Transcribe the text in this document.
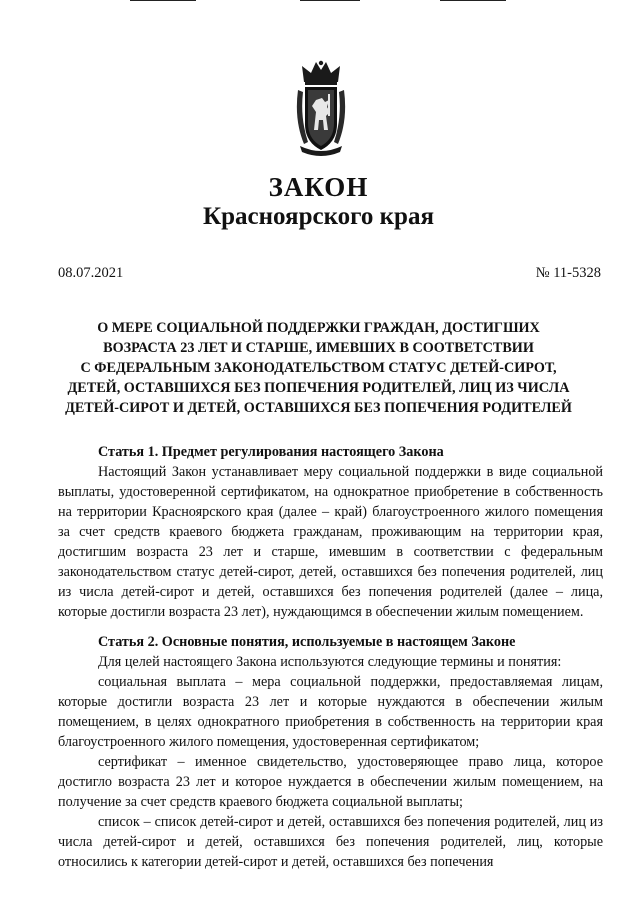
ЗАКОН
Красноярского края
08.07.2021	№ 11-5328
О МЕРЕ СОЦИАЛЬНОЙ ПОДДЕРЖКИ ГРАЖДАН, ДОСТИГШИХ
ВОЗРАСТА 23 ЛЕТ И СТАРШЕ, ИМЕВШИХ В СООТВЕТСТВИИ
С ФЕДЕРАЛЬНЫМ ЗАКОНОДАТЕЛЬСТВОМ СТАТУС ДЕТЕЙ-СИРОТ,
ДЕТЕЙ, ОСТАВШИХСЯ БЕЗ ПОПЕЧЕНИЯ РОДИТЕЛЕЙ, ЛИЦ ИЗ ЧИСЛА
ДЕТЕЙ-СИРОТ И ДЕТЕЙ, ОСТАВШИХСЯ БЕЗ ПОПЕЧЕНИЯ РОДИТЕЛЕЙ

Статья 1. Предмет регулирования настоящего Закона

Настоящий Закон устанавливает меру социальной поддержки в виде социальной выплаты, удостоверенной сертификатом, на однократное приобретение в собственность на территории Красноярского края (далее – край) благоустроенного жилого помещения за счет средств краевого бюджета гражданам, проживающим на территории края, достигшим возраста 23 лет и старше, имевшим в соответствии с федеральным законодательством статус детей-сирот, детей, оставшихся без попечения родителей, лиц из числа детей-сирот и детей, оставшихся без попечения родителей (далее – лица, которые достигли возраста 23 лет), нуждающимся в обеспечении жилым помещением.

Статья 2. Основные понятия, используемые в настоящем Законе

Для целей настоящего Закона используются следующие термины и понятия:

социальная выплата – мера социальной поддержки, предоставляемая лицам, которые достигли возраста 23 лет и которые нуждаются в обеспечении жилым помещением, в целях однократного приобретения в собственность на территории края благоустроенного жилого помещения, удостоверенная сертификатом;

сертификат – именное свидетельство, удостоверяющее право лица, которое достигло возраста 23 лет и которое нуждается в обеспечении жилым помещением, на получение за счет средств краевого бюджета социальной выплаты;

список – список детей-сирот и детей, оставшихся без попечения родителей, лиц из числа детей-сирот и детей, оставшихся без попечения родителей, лиц, которые относились к категории детей-сирот и детей, оставшихся без попечения
